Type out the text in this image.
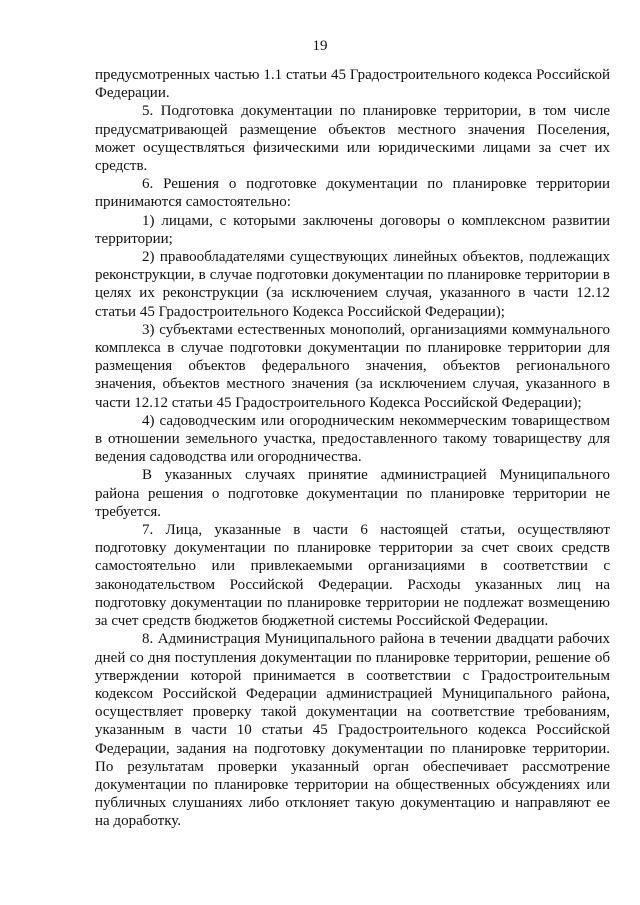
19

предусмотренных частью 1.1 статьи 45 Градостроительного кодекса Российской Федерации.

5. Подготовка документации по планировке территории, в том числе предусматривающей размещение объектов местного значения Поселения, может осуществляться физическими или юридическими лицами за счет их средств.

6. Решения о подготовке документации по планировке территории принимаются самостоятельно:

1) лицами, с которыми заключены договоры о комплексном развитии территории;

2) правообладателями существующих линейных объектов, подлежащих реконструкции, в случае подготовки документации по планировке территории в целях их реконструкции (за исключением случая, указанного в части 12.12 статьи 45 Градостроительного Кодекса Российской Федерации);

3) субъектами естественных монополий, организациями коммунального комплекса в случае подготовки документации по планировке территории для размещения объектов федерального значения, объектов регионального значения, объектов местного значения (за исключением случая, указанного в части 12.12 статьи 45 Градостроительного Кодекса Российской Федерации);

4) садоводческим или огородническим некоммерческим товариществом в отношении земельного участка, предоставленного такому товариществу для ведения садоводства или огородничества.

В указанных случаях принятие администрацией Муниципального района решения о подготовке документации по планировке территории не требуется.

7. Лица, указанные в части 6 настоящей статьи, осуществляют подготовку документации по планировке территории за счет своих средств самостоятельно или привлекаемыми организациями в соответствии с законодательством Российской Федерации. Расходы указанных лиц на подготовку документации по планировке территории не подлежат возмещению за счет средств бюджетов бюджетной системы Российской Федерации.

8. Администрация Муниципального района в течении двадцати рабочих дней со дня поступления документации по планировке территории, решение об утверждении которой принимается в соответствии с Градостроительным кодексом Российской Федерации администрацией Муниципального района, осуществляет проверку такой документации на соответствие требованиям, указанным в части 10 статьи 45 Градостроительного кодекса Российской Федерации, задания на подготовку документации по планировке территории. По результатам проверки указанный орган обеспечивает рассмотрение документации по планировке территории на общественных обсуждениях или публичных слушаниях либо отклоняет такую документацию и направляют ее на доработку.
